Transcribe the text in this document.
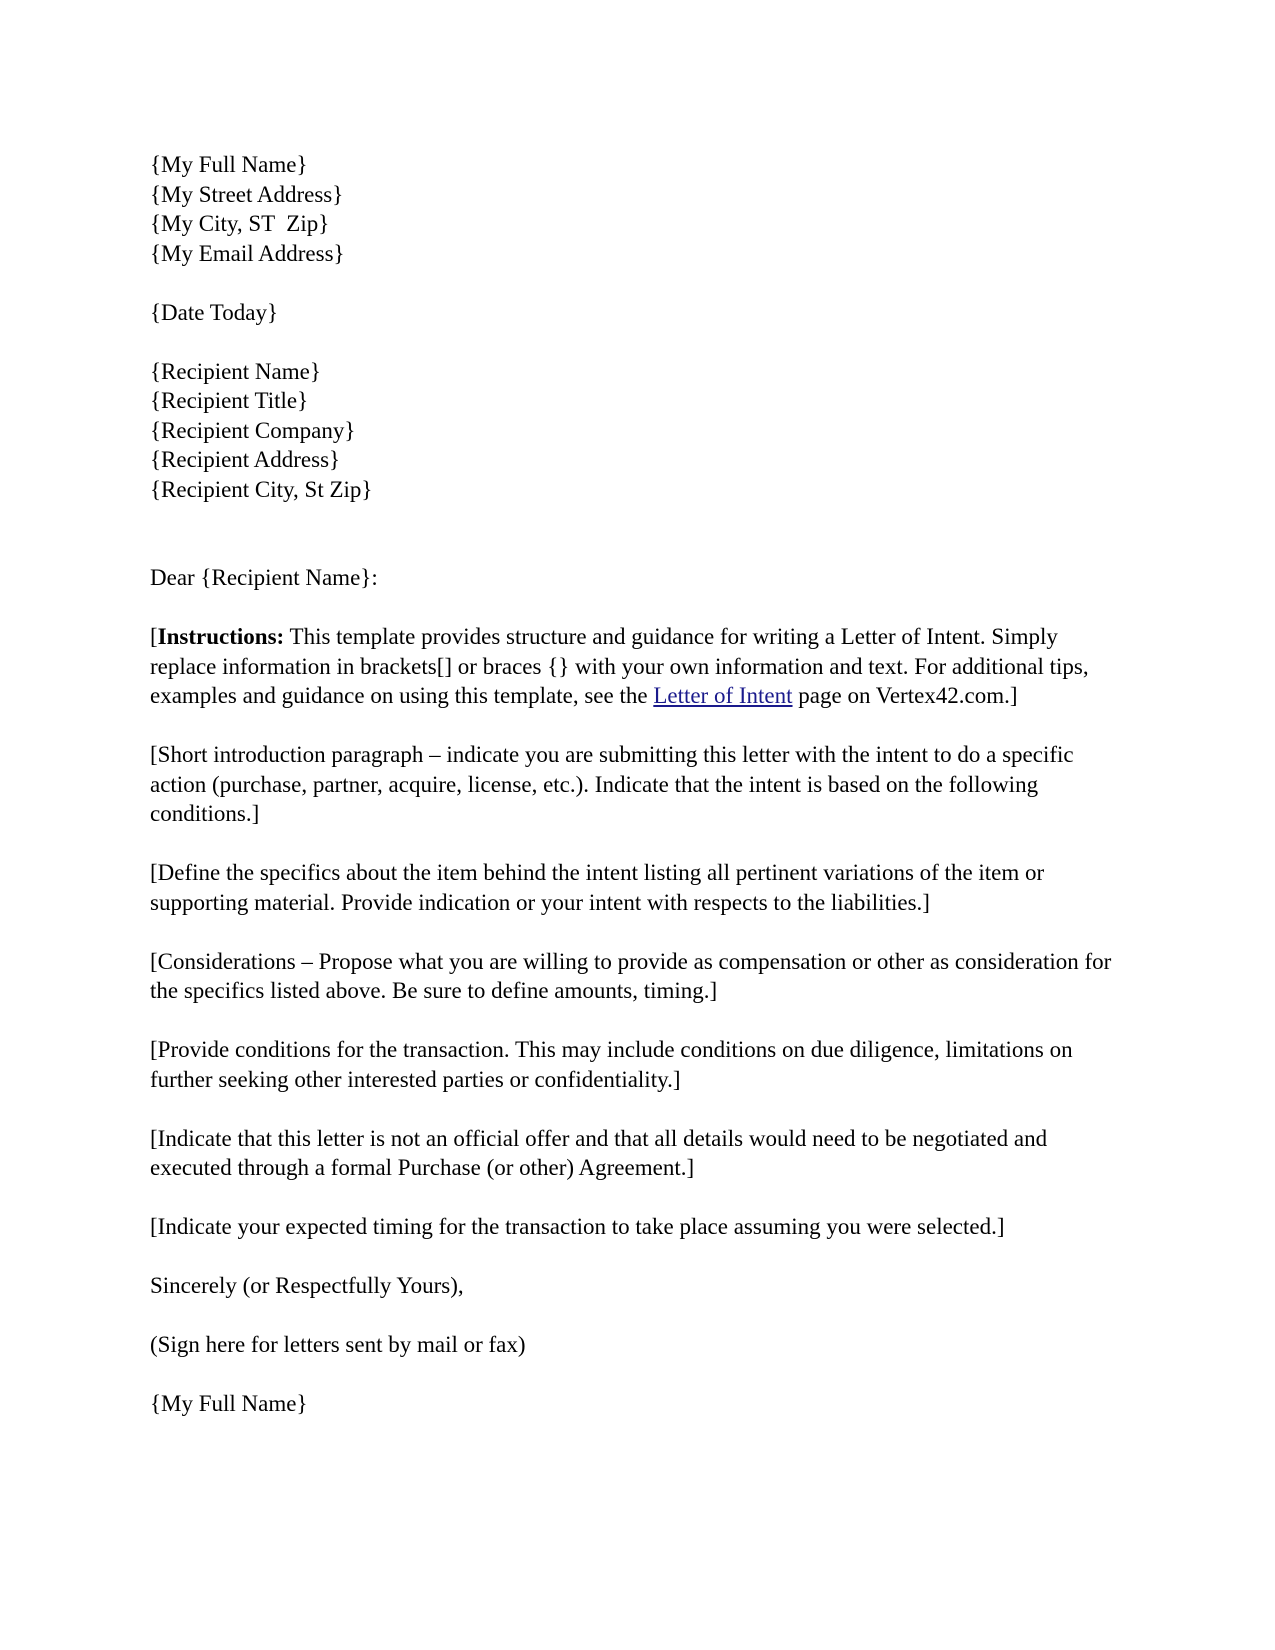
{My Full Name}
{My Street Address}
{My City, ST  Zip}
{My Email Address}
{Date Today}
{Recipient Name}
{Recipient Title}
{Recipient Company}
{Recipient Address}
{Recipient City, St Zip}
Dear {Recipient Name}:
[Instructions: This template provides structure and guidance for writing a Letter of Intent. Simply replace information in brackets[] or braces {} with your own information and text. For additional tips, examples and guidance on using this template, see the Letter of Intent page on Vertex42.com.]
[Short introduction paragraph – indicate you are submitting this letter with the intent to do a specific action (purchase, partner, acquire, license, etc.). Indicate that the intent is based on the following conditions.]
[Define the specifics about the item behind the intent listing all pertinent variations of the item or supporting material. Provide indication or your intent with respects to the liabilities.]
[Considerations – Propose what you are willing to provide as compensation or other as consideration for the specifics listed above. Be sure to define amounts, timing.]
[Provide conditions for the transaction. This may include conditions on due diligence, limitations on further seeking other interested parties or confidentiality.]
[Indicate that this letter is not an official offer and that all details would need to be negotiated and executed through a formal Purchase (or other) Agreement.]
[Indicate your expected timing for the transaction to take place assuming you were selected.]
Sincerely (or Respectfully Yours),
(Sign here for letters sent by mail or fax)
{My Full Name}
